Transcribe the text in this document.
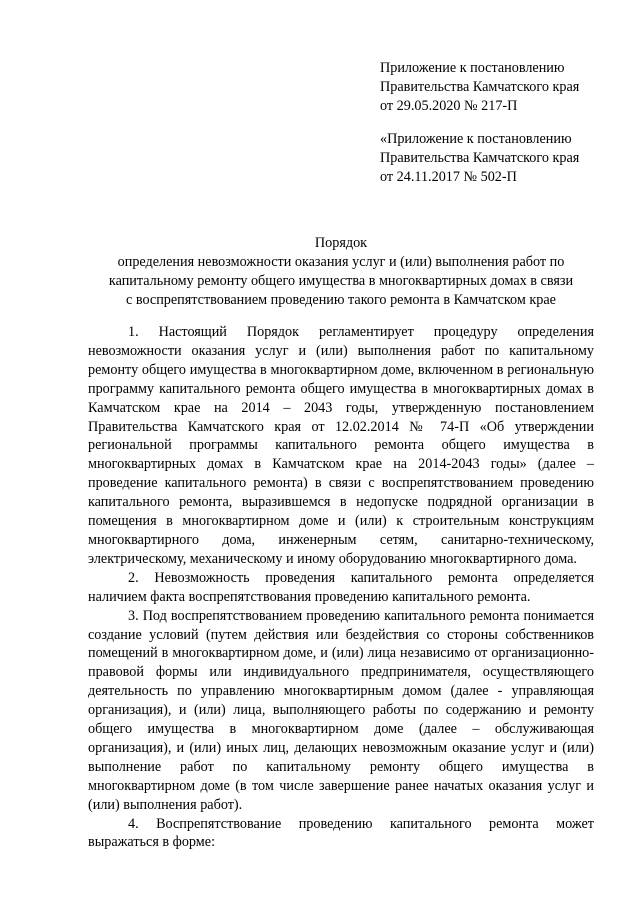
Приложение к постановлению
Правительства Камчатского края
от 29.05.2020 № 217-П
«Приложение к постановлению
Правительства Камчатского края
от 24.11.2017 № 502-П
Порядок
определения невозможности оказания услуг и (или) выполнения работ по
капитальному ремонту общего имущества в многоквартирных домах в связи
с воспрепятствованием проведению такого ремонта в Камчатском крае

1. Настоящий Порядок регламентирует процедуру определения невозможности оказания услуг и (или) выполнения работ по капитальному ремонту общего имущества в многоквартирном доме, включенном в региональную программу капитального ремонта общего имущества в многоквартирных домах в Камчатском крае на 2014 – 2043 годы, утвержденную постановлением Правительства Камчатского края от 12.02.2014 № 74-П «Об утверждении региональной программы капитального ремонта общего имущества в многоквартирных домах в Камчатском крае на 2014-2043 годы» (далее – проведение капитального ремонта) в связи с воспрепятствованием проведению капитального ремонта, выразившемся в недопуске подрядной организации в помещения в многоквартирном доме и (или) к строительным конструкциям многоквартирного дома, инженерным сетям, санитарно-техническому, электрическому, механическому и иному оборудованию многоквартирного дома.

2. Невозможность проведения капитального ремонта определяется наличием факта воспрепятствования проведению капитального ремонта.

3. Под воспрепятствованием проведению капитального ремонта понимается создание условий (путем действия или бездействия со стороны собственников помещений в многоквартирном доме, и (или) лица независимо от организационно-правовой формы или индивидуального предпринимателя, осуществляющего деятельность по управлению многоквартирным домом (далее - управляющая организация), и (или) лица, выполняющего работы по содержанию и ремонту общего имущества в многоквартирном доме (далее – обслуживающая организация), и (или) иных лиц, делающих невозможным оказание услуг и (или) выполнение работ по капитальному ремонту общего имущества в многоквартирном доме (в том числе завершение ранее начатых оказания услуг и (или) выполнения работ).

4. Воспрепятствование проведению капитального ремонта может выражаться в форме:
